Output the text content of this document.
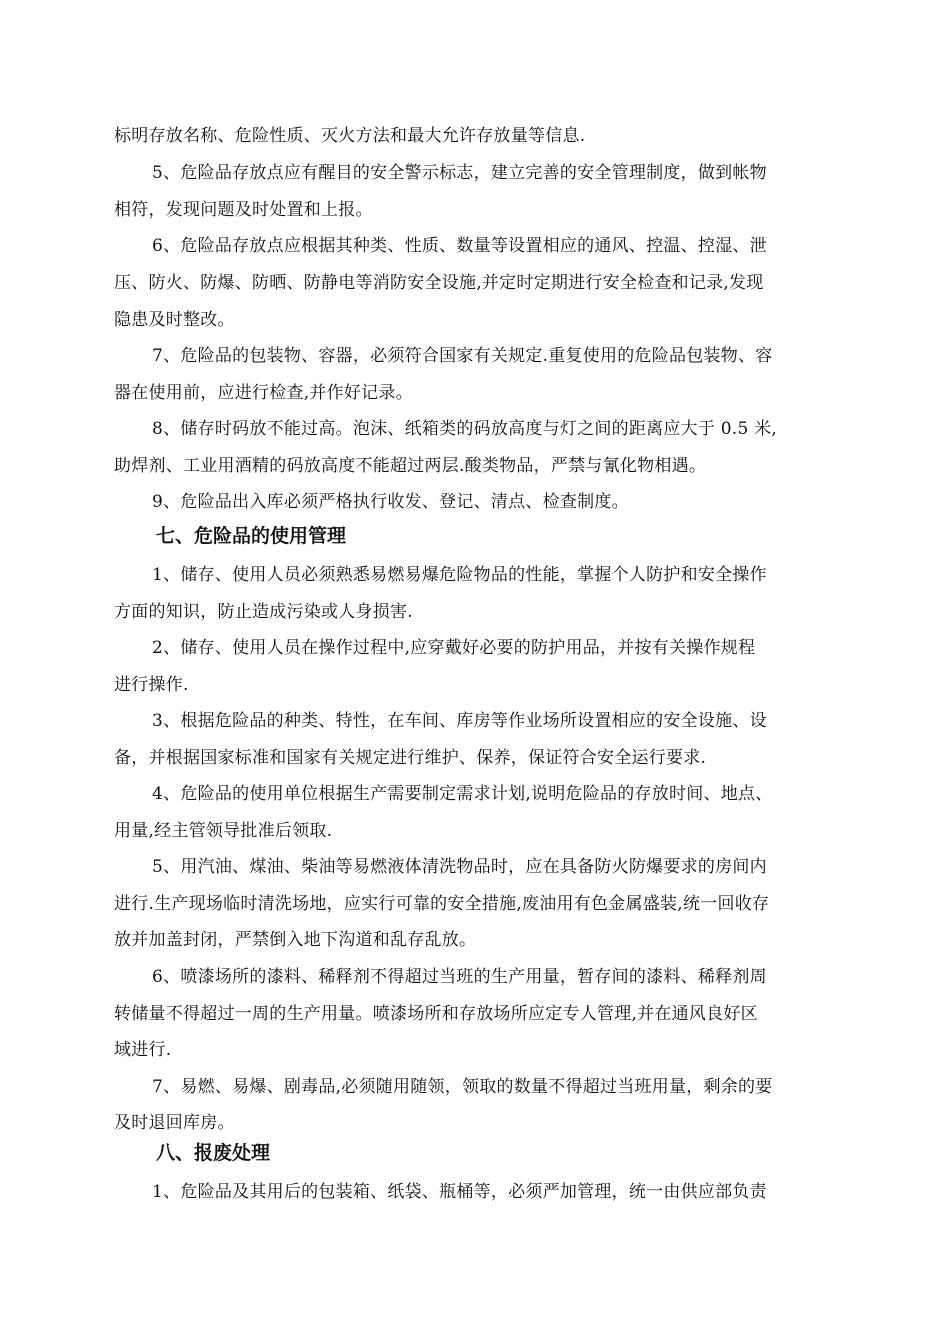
标明存放名称、危险性质、灭火方法和最大允许存放量等信息.
5、危险品存放点应有醒目的安全警示标志，建立完善的安全管理制度，做到帐物
相符，发现问题及时处置和上报。
6、危险品存放点应根据其种类、性质、数量等设置相应的通风、控温、控湿、泄
压、防火、防爆、防晒、防静电等消防安全设施,并定时定期进行安全检查和记录,发现
隐患及时整改。
7、危险品的包装物、容器，必须符合国家有关规定.重复使用的危险品包装物、容
器在使用前，应进行检查,并作好记录。
8、储存时码放不能过高。泡沫、纸箱类的码放高度与灯之间的距离应大于 0.5 米,
助焊剂、工业用酒精的码放高度不能超过两层.酸类物品，严禁与氰化物相遇。
9、危险品出入库必须严格执行收发、登记、清点、检查制度。
七、危险品的使用管理
1、储存、使用人员必须熟悉易燃易爆危险物品的性能，掌握个人防护和安全操作
方面的知识，防止造成污染或人身损害.
2、储存、使用人员在操作过程中,应穿戴好必要的防护用品，并按有关操作规程
进行操作.
3、根据危险品的种类、特性，在车间、库房等作业场所设置相应的安全设施、设
备，并根据国家标准和国家有关规定进行维护、保养，保证符合安全运行要求.
4、危险品的使用单位根据生产需要制定需求计划,说明危险品的存放时间、地点、
用量,经主管领导批准后领取.
5、用汽油、煤油、柴油等易燃液体清洗物品时，应在具备防火防爆要求的房间内
进行.生产现场临时清洗场地，应实行可靠的安全措施,废油用有色金属盛装,统一回收存
放并加盖封闭，严禁倒入地下沟道和乱存乱放。
6、喷漆场所的漆料、稀释剂不得超过当班的生产用量，暂存间的漆料、稀释剂周
转储量不得超过一周的生产用量。喷漆场所和存放场所应定专人管理,并在通风良好区
域进行.
7、易燃、易爆、剧毒品,必须随用随领，领取的数量不得超过当班用量，剩余的要
及时退回库房。
八、报废处理
1、危险品及其用后的包装箱、纸袋、瓶桶等，必须严加管理，统一由供应部负责
